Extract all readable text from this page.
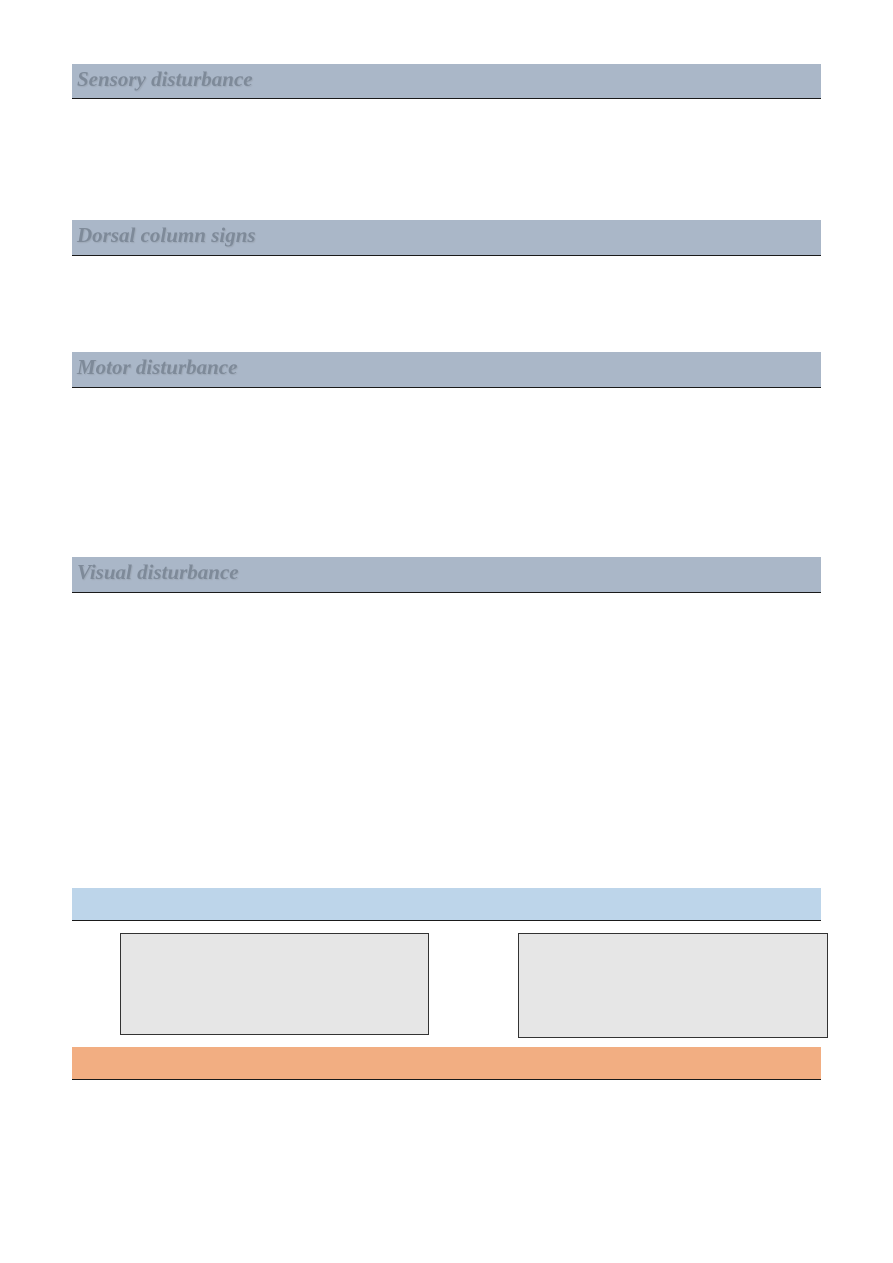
Sensory disturbance
Dorsal column signs
Motor disturbance
Visual disturbance
